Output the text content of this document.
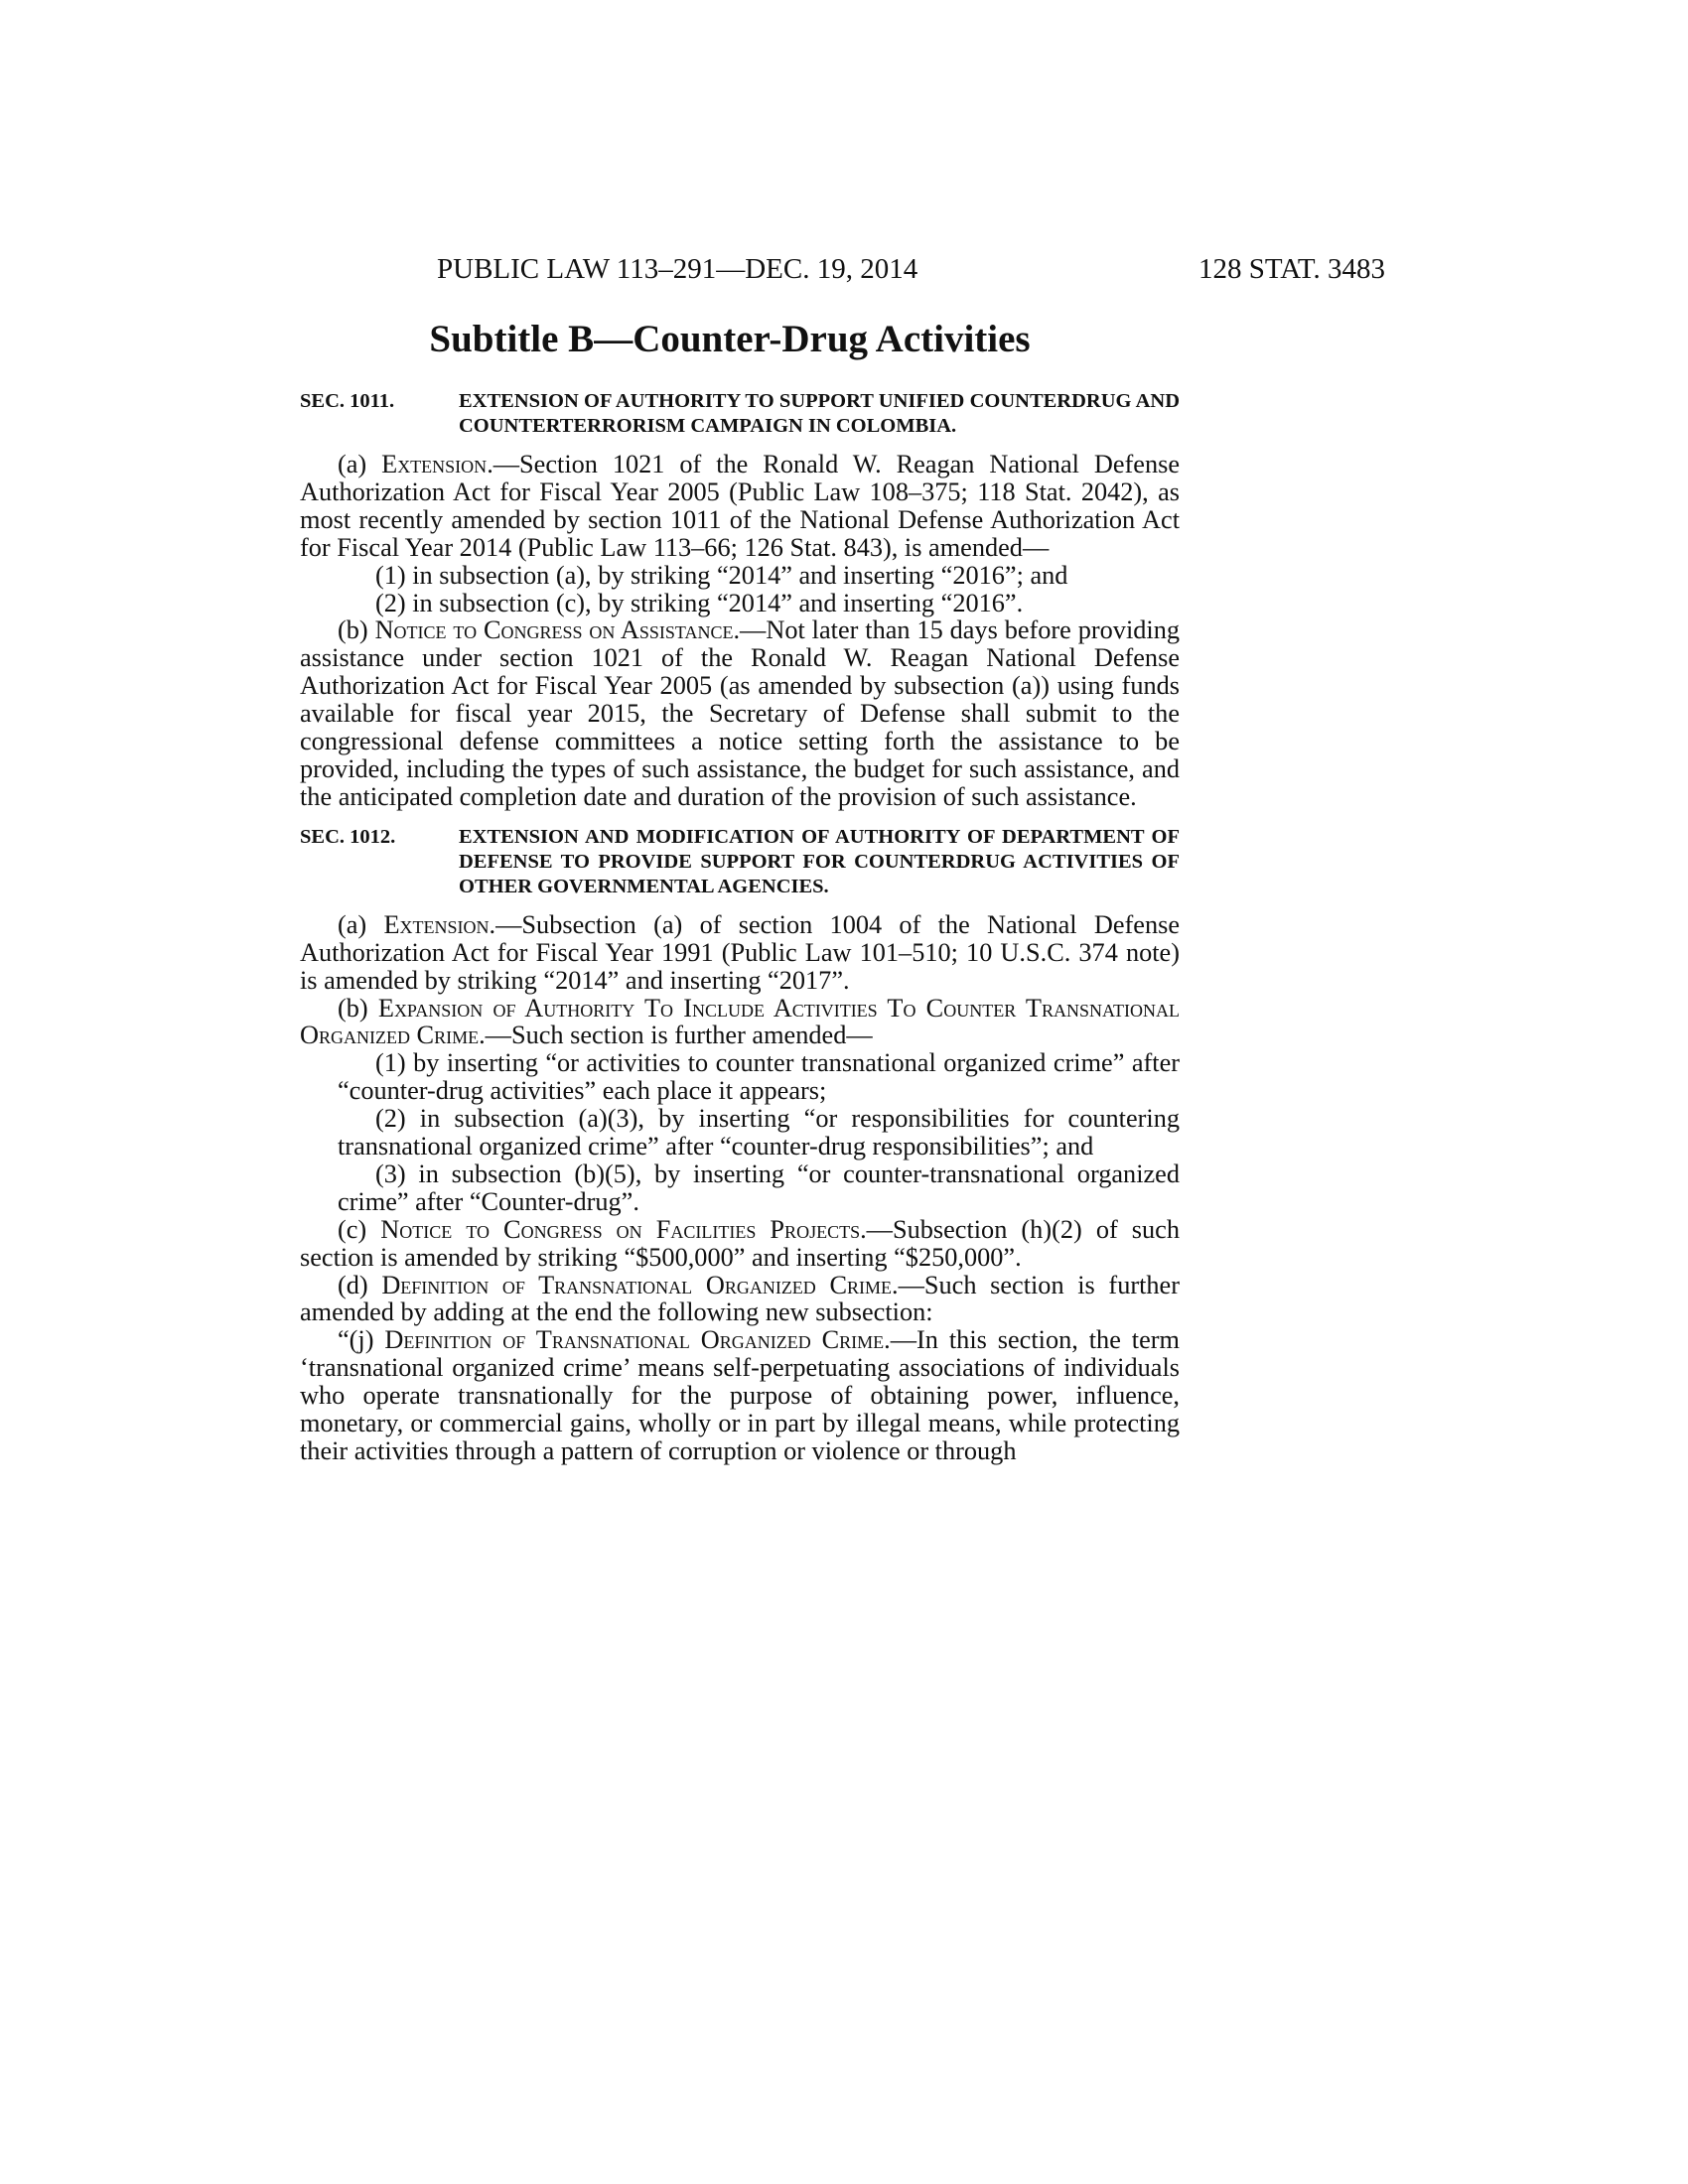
PUBLIC LAW 113–291—DEC. 19, 2014	128 STAT. 3483
Subtitle B—Counter-Drug Activities
SEC. 1011.	EXTENSION OF AUTHORITY TO SUPPORT UNIFIED COUNTERDRUG AND COUNTERTERRORISM CAMPAIGN IN COLOMBIA.

(a) Extension.—Section 1021 of the Ronald W. Reagan National Defense Authorization Act for Fiscal Year 2005 (Public Law 108–375; 118 Stat. 2042), as most recently amended by section 1011 of the National Defense Authorization Act for Fiscal Year 2014 (Public Law 113–66; 126 Stat. 843), is amended—

(1) in subsection (a), by striking “2014” and inserting “2016”; and

(2) in subsection (c), by striking “2014” and inserting “2016”.

(b) Notice to Congress on Assistance.—Not later than 15 days before providing assistance under section 1021 of the Ronald W. Reagan National Defense Authorization Act for Fiscal Year 2005 (as amended by subsection (a)) using funds available for fiscal year 2015, the Secretary of Defense shall submit to the congressional defense committees a notice setting forth the assistance to be provided, including the types of such assistance, the budget for such assistance, and the anticipated completion date and duration of the provision of such assistance.

SEC. 1012.	EXTENSION AND MODIFICATION OF AUTHORITY OF DEPARTMENT OF DEFENSE TO PROVIDE SUPPORT FOR COUNTERDRUG ACTIVITIES OF OTHER GOVERNMENTAL AGENCIES.

(a) Extension.—Subsection (a) of section 1004 of the National Defense Authorization Act for Fiscal Year 1991 (Public Law 101–510; 10 U.S.C. 374 note) is amended by striking “2014” and inserting “2017”.

(b) Expansion of Authority To Include Activities To Counter Transnational Organized Crime.—Such section is further amended—

(1) by inserting “or activities to counter transnational organized crime” after “counter-drug activities” each place it appears;

(2) in subsection (a)(3), by inserting “or responsibilities for countering transnational organized crime” after “counter-drug responsibilities”; and

(3) in subsection (b)(5), by inserting “or counter-transnational organized crime” after “Counter-drug”.

(c) Notice to Congress on Facilities Projects.—Subsection (h)(2) of such section is amended by striking “$500,000” and inserting “$250,000”.

(d) Definition of Transnational Organized Crime.—Such section is further amended by adding at the end the following new subsection:

“(j) Definition of Transnational Organized Crime.—In this section, the term ‘transnational organized crime’ means self-perpetuating associations of individuals who operate transnationally for the purpose of obtaining power, influence, monetary, or commercial gains, wholly or in part by illegal means, while protecting their activities through a pattern of corruption or violence or through
